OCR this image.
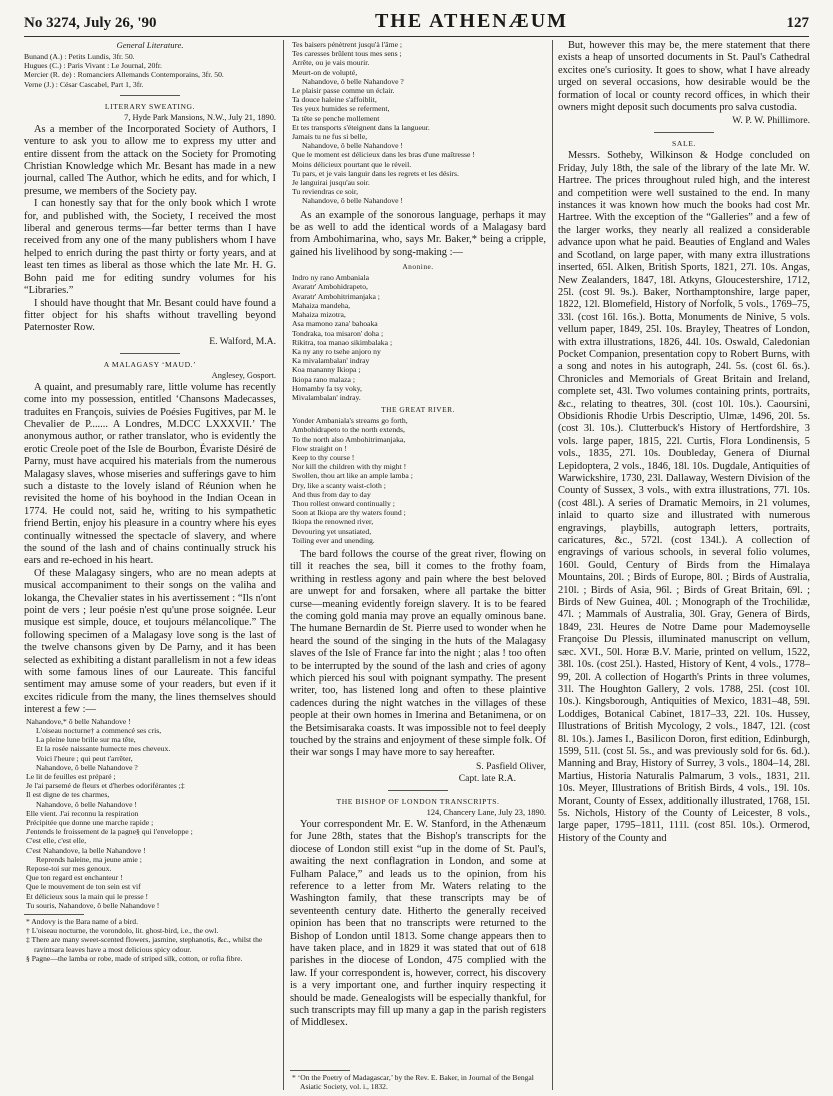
No 3274, July 26, '90	THE ATHENÆUM	127
General Literature.
Bunand (A.) : Petits Lundis, 3fr. 50.
Hugues (C.) : Paris Vivant : Le Journal, 20fr.
Mercier (R. de) : Romanciers Allemands Contemporains, 3fr. 50.
Verne (J.) : César Cascabel, Part 1, 3fr.
LITERARY SWEATING.
7, Hyde Park Mansions, N.W., July 21, 1890.

As a member of the Incorporated Society of Authors, I venture to ask you to allow me to express my utter and entire dissent from the attack on the Society for Promoting Christian Knowledge which Mr. Besant has made in a new journal, called The Author, which he edits, and for which, I presume, we members of the Society pay.

I can honestly say that for the only book which I wrote for, and published with, the Society, I received the most liberal and generous terms—far better terms than I have received from any one of the many publishers whom I have helped to enrich during the past thirty or forty years, and at least ten times as liberal as those which the late Mr. H. G. Bohn paid me for editing sundry volumes for his “Libraries.”

I should have thought that Mr. Besant could have found a fitter object for his shafts without travelling beyond Paternoster Row.

E. Walford, M.A.
A MALAGASY ‘MAUD.’
Anglesey, Gosport.

A quaint, and presumably rare, little volume has recently come into my possession, entitled ‘Chansons Madecasses, traduites en François, suivies de Poésies Fugitives, par M. le Chevalier de P....... A Londres, M.DCC LXXXVII.’ The anonymous author, or rather translator, who is evidently the erotic Creole poet of the Isle de Bourbon, Évariste Désiré de Parny, must have acquired his materials from the numerous Malagasy slaves, whose miseries and sufferings gave to him such a distaste to the lovely island of Réunion when he revisited the home of his boyhood in the Indian Ocean in 1774. He could not, said he, writing to his sympathetic friend Bertin, enjoy his pleasure in a country where his eyes continually witnessed the spectacle of slavery, and where the sound of the lash and of chains continually struck his ears and re-echoed in his heart.

Of these Malagasy singers, who are no mean adepts at musical accompaniment to their songs on the valiha and lokanga, the Chevalier states in his avertissement : “Ils n'ont point de vers ; leur poésie n'est qu'une prose soignée. Leur musique est simple, douce, et toujours mélancolique.” The following specimen of a Malagasy love song is the last of the twelve chansons given by De Parny, and it has been selected as exhibiting a distant parallelism in not a few ideas with some famous lines of our Laureate. This fanciful sentiment may amuse some of your readers, but even if it excites ridicule from the many, the lines themselves should interest a few :—

Nahandove,* ô belle Nahandove !
L'oiseau nocturne† a commencé ses cris,
La pleine lune brille sur ma tête,
Et la rosée naissante humecte mes cheveux.
Voici l'heure ; qui peut t'arrêter,
Nahandove, ô belle Nahandove ?
Le lit de feuilles est préparé ;
Je l'ai parsemé de fleurs et d'herbes odoriférantes ;‡
Il est digne de tes charmes,
Nahandove, ô belle Nahandove !
Elle vient. J'ai reconnu la respiration
Précipitée que donne une marche rapide ;
J'entends le froissement de la pagne§ qui l'enveloppe ;
C'est elle, c'est elle,
C'est Nahandove, la belle Nahandove !
Reprends haleine, ma jeune amie ;
Repose-toi sur mes genoux.
Que ton regard est enchanteur !
Que le mouvement de ton sein est vif
Et délicieux sous la main qui le presse !
Tu souris, Nahandove, ô belle Nahandove !
* Andovy is the Bara name of a bird.
† L'oiseau nocturne, the vorondolo, lit. ghost-bird, i.e., the owl.
‡ There are many sweet-scented flowers, jasmine, stephanotis, &c., whilst the ravintsara leaves have a most delicious spicy odour.
§ Pagne—the lamba or robe, made of striped silk, cotton, or rofia fibre.
Tes baisers pénètrent jusqu'à l'âme ;
Tes caresses brûlent tous mes sens ;
Arrête, ou je vais mourir.
Meurt-on de volupté,
Nahandove, ô belle Nahandove ?
Le plaisir passe comme un éclair.
Ta douce haleine s'affoiblit,
Tes yeux humides se referment,
Ta tête se penche mollement
Et tes transports s'éteignent dans la langueur.
Jamais tu ne fus si belle,
Nahandove, ô belle Nahandove !
Que le moment est délicieux dans les bras d'une maîtresse !
Moins délicieux pourtant que le réveil.
Tu pars, et je vais languir dans les regrets et les désirs.
Je languirai jusqu'au soir.
Tu reviendras ce soir,
Nahandove, ô belle Nahandove !

As an example of the sonorous language, perhaps it may be as well to add the identical words of a Malagasy bard from Ambohimarina, who, says Mr. Baker,* being a cripple, gained his livelihood by song-making :—

Anonine.
Indro ny rano Ambaniala
Avaratr' Ambohidrapeto,
Avaratr' Ambohitrimanjaka ;
Mahaiza mandeha,
Mahaiza mizotra,
Asa mamono zana' bahoaka
Tondraka, toa misaron' doha ;
Rikitra, toa manao sikimbalaka ;
Ka ny any ro tsehe anjoro ny
Ka mivalambalan' indray
Koa mananny Ikiopa ;
Ikiopa rano malaza ;
Homamby fa tsy voky,
Mivalambalan' indray.
THE GREAT RIVER.
Yonder Ambaniala's streams go forth,
Ambohidrapeto to the north extends,
To the north also Ambohitrimanjaka,
Flow straight on !
Keep to thy course !
Nor kill the children with thy might !
Swollen, thou art like an ample lamba ;
Dry, like a scanty waist-cloth ;
And thus from day to day
Thou rollest onward continually ;
Soon at Ikiopa are thy waters found ;
Ikiopa the renowned river,
Devouring yet unsatiated,
Toiling ever and unending.

The bard follows the course of the great river, flowing on till it reaches the sea, bill it comes to the frothy foam, writhing in restless agony and pain where the best beloved are unwept for and forsaken, where all partake the bitter curse—meaning evidently foreign slavery. It is to be feared the coming gold mania may prove an equally ominous bane. The humane Bernardin de St. Pierre used to wonder when he heard the sound of the singing in the huts of the Malagasy slaves of the Isle of France far into the night ; alas ! too often to be interrupted by the sound of the lash and cries of agony which pierced his soul with poignant sympathy. The present writer, too, has listened long and often to these plaintive cadences during the night watches in the villages of these people at their own homes in Imerina and Betanimena, or on the Betsimisaraka coasts. It was impossible not to feel deeply touched by the strains and enjoyment of these simple folk. Of their war songs I may have more to say hereafter.

S. Pasfield Oliver,
Capt. late R.A.
THE BISHOP OF LONDON TRANSCRIPTS.
124, Chancery Lane, July 23, 1890.

Your correspondent Mr. E. W. Stanford, in the Athenæum for June 28th, states that the Bishop's transcripts for the diocese of London still exist “up in the dome of St. Paul's, awaiting the next conflagration in London, and some at Fulham Palace,” and leads us to the opinion, from his reference to a letter from Mr. Waters relating to the Washington family, that these transcripts may be of seventeenth century date. Hitherto the generally received opinion has been that no transcripts were returned to the Bishop of London until 1813. Some change appears then to have taken place, and in 1829 it was stated that out of 618 parishes in the diocese of London, 475 complied with the law. If your correspondent is, however, correct, his discovery is a very important one, and further inquiry respecting it should be made. Genealogists will be especially thankful, for such transcripts may fill up many a gap in the parish registers of Middlesex.

But, however this may be, the mere statement that there exists a heap of unsorted documents in St. Paul's Cathedral excites one's curiosity. It goes to show, what I have already urged on several occasions, how desirable would be the formation of local or county record offices, in which their owners might deposit such documents pro salva custodia.

W. P. W. Phillimore.
SALE.

Messrs. Sotheby, Wilkinson & Hodge concluded on Friday, July 18th, the sale of the library of the late Mr. W. Hartree. The prices throughout ruled high, and the interest and competition were well sustained to the end. In many instances it was known how much the books had cost Mr. Hartree. With the exception of the “Galleries” and a few of the larger works, they nearly all realized a considerable advance upon what he paid. Beauties of England and Wales and Scotland, on large paper, with many extra illustrations inserted, 65l. Alken, British Sports, 1821, 27l. 10s. Angas, New Zealanders, 1847, 18l. Atkyns, Gloucestershire, 1712, 25l. (cost 9l. 9s.). Baker, Northamptonshire, large paper, 1822, 12l. Blomefield, History of Norfolk, 5 vols., 1769–75, 33l. (cost 16l. 16s.). Botta, Monuments de Ninive, 5 vols. vellum paper, 1849, 25l. 10s. Brayley, Theatres of London, with extra illustrations, 1826, 44l. 10s. Oswald, Caledonian Pocket Companion, presentation copy to Robert Burns, with a song and notes in his autograph, 24l. 5s. (cost 6l. 6s.). Chronicles and Memorials of Great Britain and Ireland, complete set, 43l. Two volumes containing prints, portraits, &c., relating to theatres, 30l. (cost 10l. 10s.). Caoursini, Obsidionis Rhodie Urbis Descriptio, Ulmæ, 1496, 20l. 5s. (cost 3l. 10s.). Clutterbuck's History of Hertfordshire, 3 vols. large paper, 1815, 22l. Curtis, Flora Londinensis, 5 vols., 1835, 27l. 10s. Doubleday, Genera of Diurnal Lepidoptera, 2 vols., 1846, 18l. 10s. Dugdale, Antiquities of Warwickshire, 1730, 23l. Dallaway, Western Division of the County of Sussex, 3 vols., with extra illustrations, 77l. 10s. (cost 48l.). A series of Dramatic Memoirs, in 21 volumes, inlaid to quarto size and illustrated with numerous engravings, playbills, autograph letters, portraits, caricatures, &c., 572l. (cost 134l.). A collection of engravings of various schools, in several folio volumes, 160l. Gould, Century of Birds from the Himalaya Mountains, 20l. ; Birds of Europe, 80l. ; Birds of Australia, 210l. ; Birds of Asia, 96l. ; Birds of Great Britain, 69l. ; Birds of New Guinea, 40l. ; Monograph of the Trochilidæ, 47l. ; Mammals of Australia, 30l. Gray, Genera of Birds, 1849, 23l. Heures de Notre Dame pour Mademoyselle Françoise Du Plessis, illuminated manuscript on vellum, sæc. XVI., 50l. Horæ B.V. Marie, printed on vellum, 1522, 38l. 10s. (cost 25l.). Hasted, History of Kent, 4 vols., 1778–99, 20l. A collection of Hogarth's Prints in three volumes, 31l. The Houghton Gallery, 2 vols. 1788, 25l. (cost 10l. 10s.). Kingsborough, Antiquities of Mexico, 1831–48, 59l. Loddiges, Botanical Cabinet, 1817–33, 22l. 10s. Hussey, Illustrations of British Mycology, 2 vols., 1847, 12l. (cost 8l. 10s.). James I., Basilicon Doron, first edition, Edinburgh, 1599, 51l. (cost 5l. 5s., and was previously sold for 6s. 6d.). Manning and Bray, History of Surrey, 3 vols., 1804–14, 28l. Martius, Historia Naturalis Palmarum, 3 vols., 1831, 21l. 10s. Meyer, Illustrations of British Birds, 4 vols., 19l. 10s. Morant, County of Essex, additionally illustrated, 1768, 15l. 5s. Nichols, History of the County of Leicester, 8 vols., large paper, 1795–1811, 111l. (cost 85l. 10s.). Ormerod, History of the County and

* ‘On the Poetry of Madagascar,’ by the Rev. E. Baker, in Journal of the Bengal Asiatic Society, vol. i., 1832.
